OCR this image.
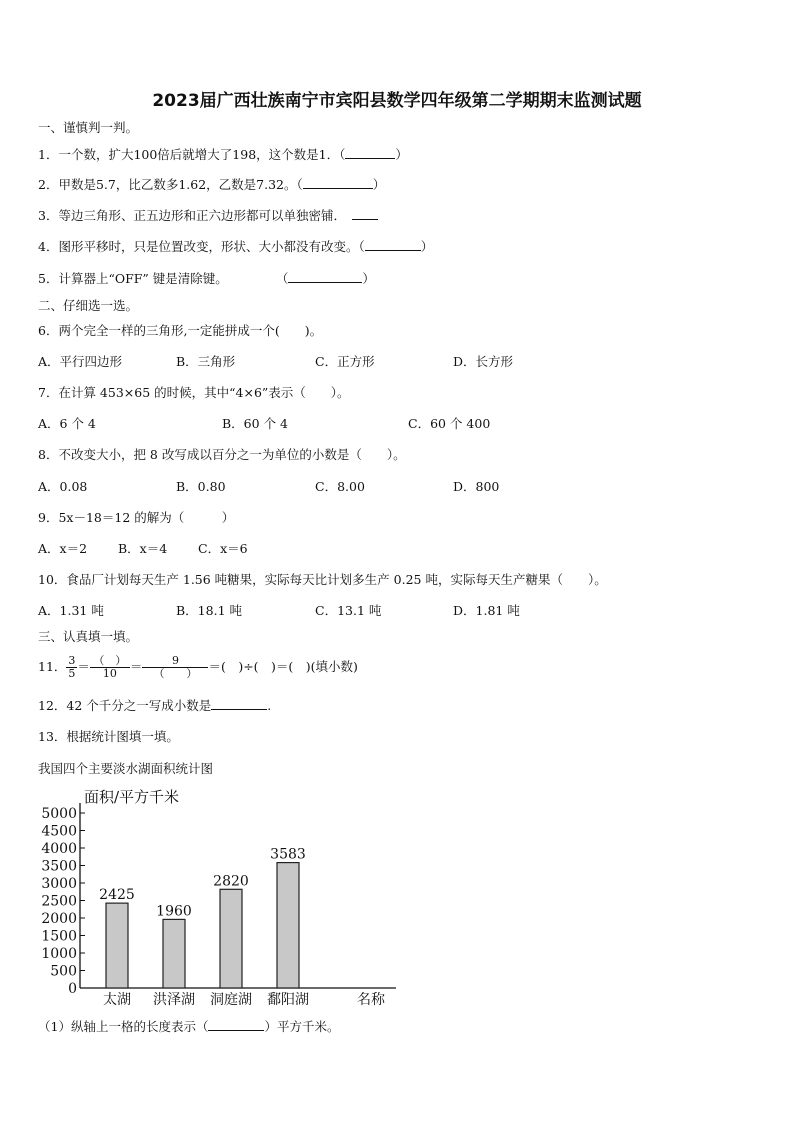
2023届广西壮族南宁市宾阳县数学四年级第二学期期末监测试题
一、谨慎判一判。
1．一个数，扩大100倍后就增大了198，这个数是1．（	）
2．甲数是5.7，比乙数多1.62，乙数是7.32。（	）
3．等边三角形、正五边形和正六边形都可以单独密铺．
4．图形平移时，只是位置改变，形状、大小都没有改变。（	）
5．计算器上“OFF” 键是清除键。	（	）
二、仔细选一选。
6．两个完全一样的三角形,一定能拼成一个(　　)。
A．平行四边形	B．三角形	C．正方形	D．长方形
7．在计算 453×65 的时候，其中“4×6”表示（　　）。
A．6 个 4	B．60 个 4	C．60 个 400
8．不改变大小，把 8 改写成以百分之一为单位的小数是（　　）。
A．0.08	B．0.80	C．8.00	D．800
9．5x－18＝12 的解为（　　　）
A．x＝2 B．x＝4 C．x＝6
10．食品厂计划每天生产 1.56 吨糖果，实际每天比计划多生产 0.25 吨，实际每天生产糖果（　　）。
A．1.31 吨	B．18.1 吨	C．13.1 吨	D．1.81 吨
三、认真填一填。
11． $\frac{3}{5} = \frac{( )}{10} = \frac{9}{( )}$ ＝(　)÷(　)＝(　)(填小数)
12．42 个千分之一写成小数是	.
13．根据统计图填一填。
我国四个主要淡水湖面积统计图
0
500
1000
1500
2000
2500
3000
3500
4000
4500
5000
2425
1960
2820
3583
太湖 洪泽湖 洞庭湖 鄱阳湖
面积/平方千米
名称
（1）纵轴上一格的长度表示（	）平方千米。
